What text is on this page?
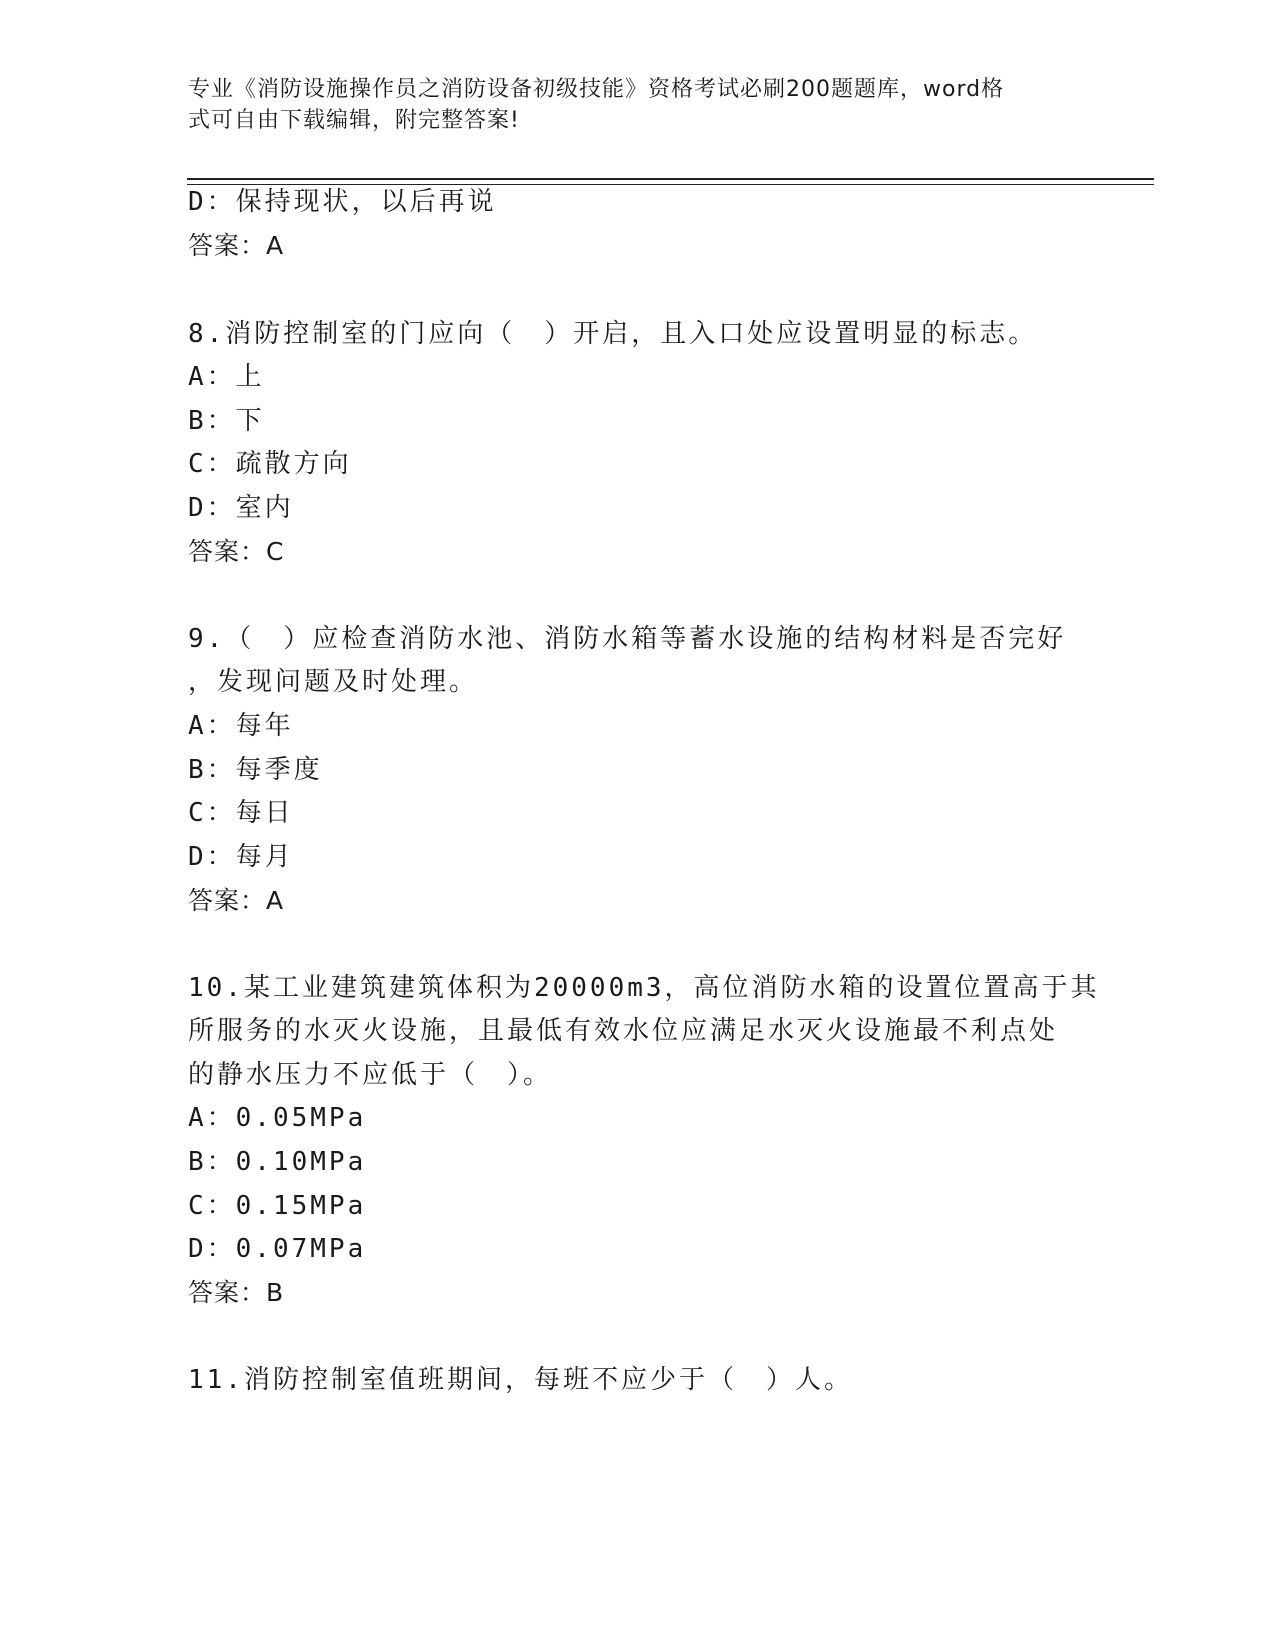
专业《消防设施操作员之消防设备初级技能》资格考试必刷200题题库，word格
式可自由下载编辑，附完整答案!
D：保持现状，以后再说
答案：A
8.消防控制室的门应向（　）开启，且入口处应设置明显的标志。
A：上
B：下
C：疏散方向
D：室内
答案：C
9.（　）应检查消防水池、消防水箱等蓄水设施的结构材料是否完好
，发现问题及时处理。
A：每年
B：每季度
C：每日
D：每月
答案：A
10.某工业建筑建筑体积为20000m3，高位消防水箱的设置位置高于其
所服务的水灭火设施，且最低有效水位应满足水灭火设施最不利点处
的静水压力不应低于（　）。
A：0.05MPa
B：0.10MPa
C：0.15MPa
D：0.07MPa
答案：B
11.消防控制室值班期间，每班不应少于（　）人。
